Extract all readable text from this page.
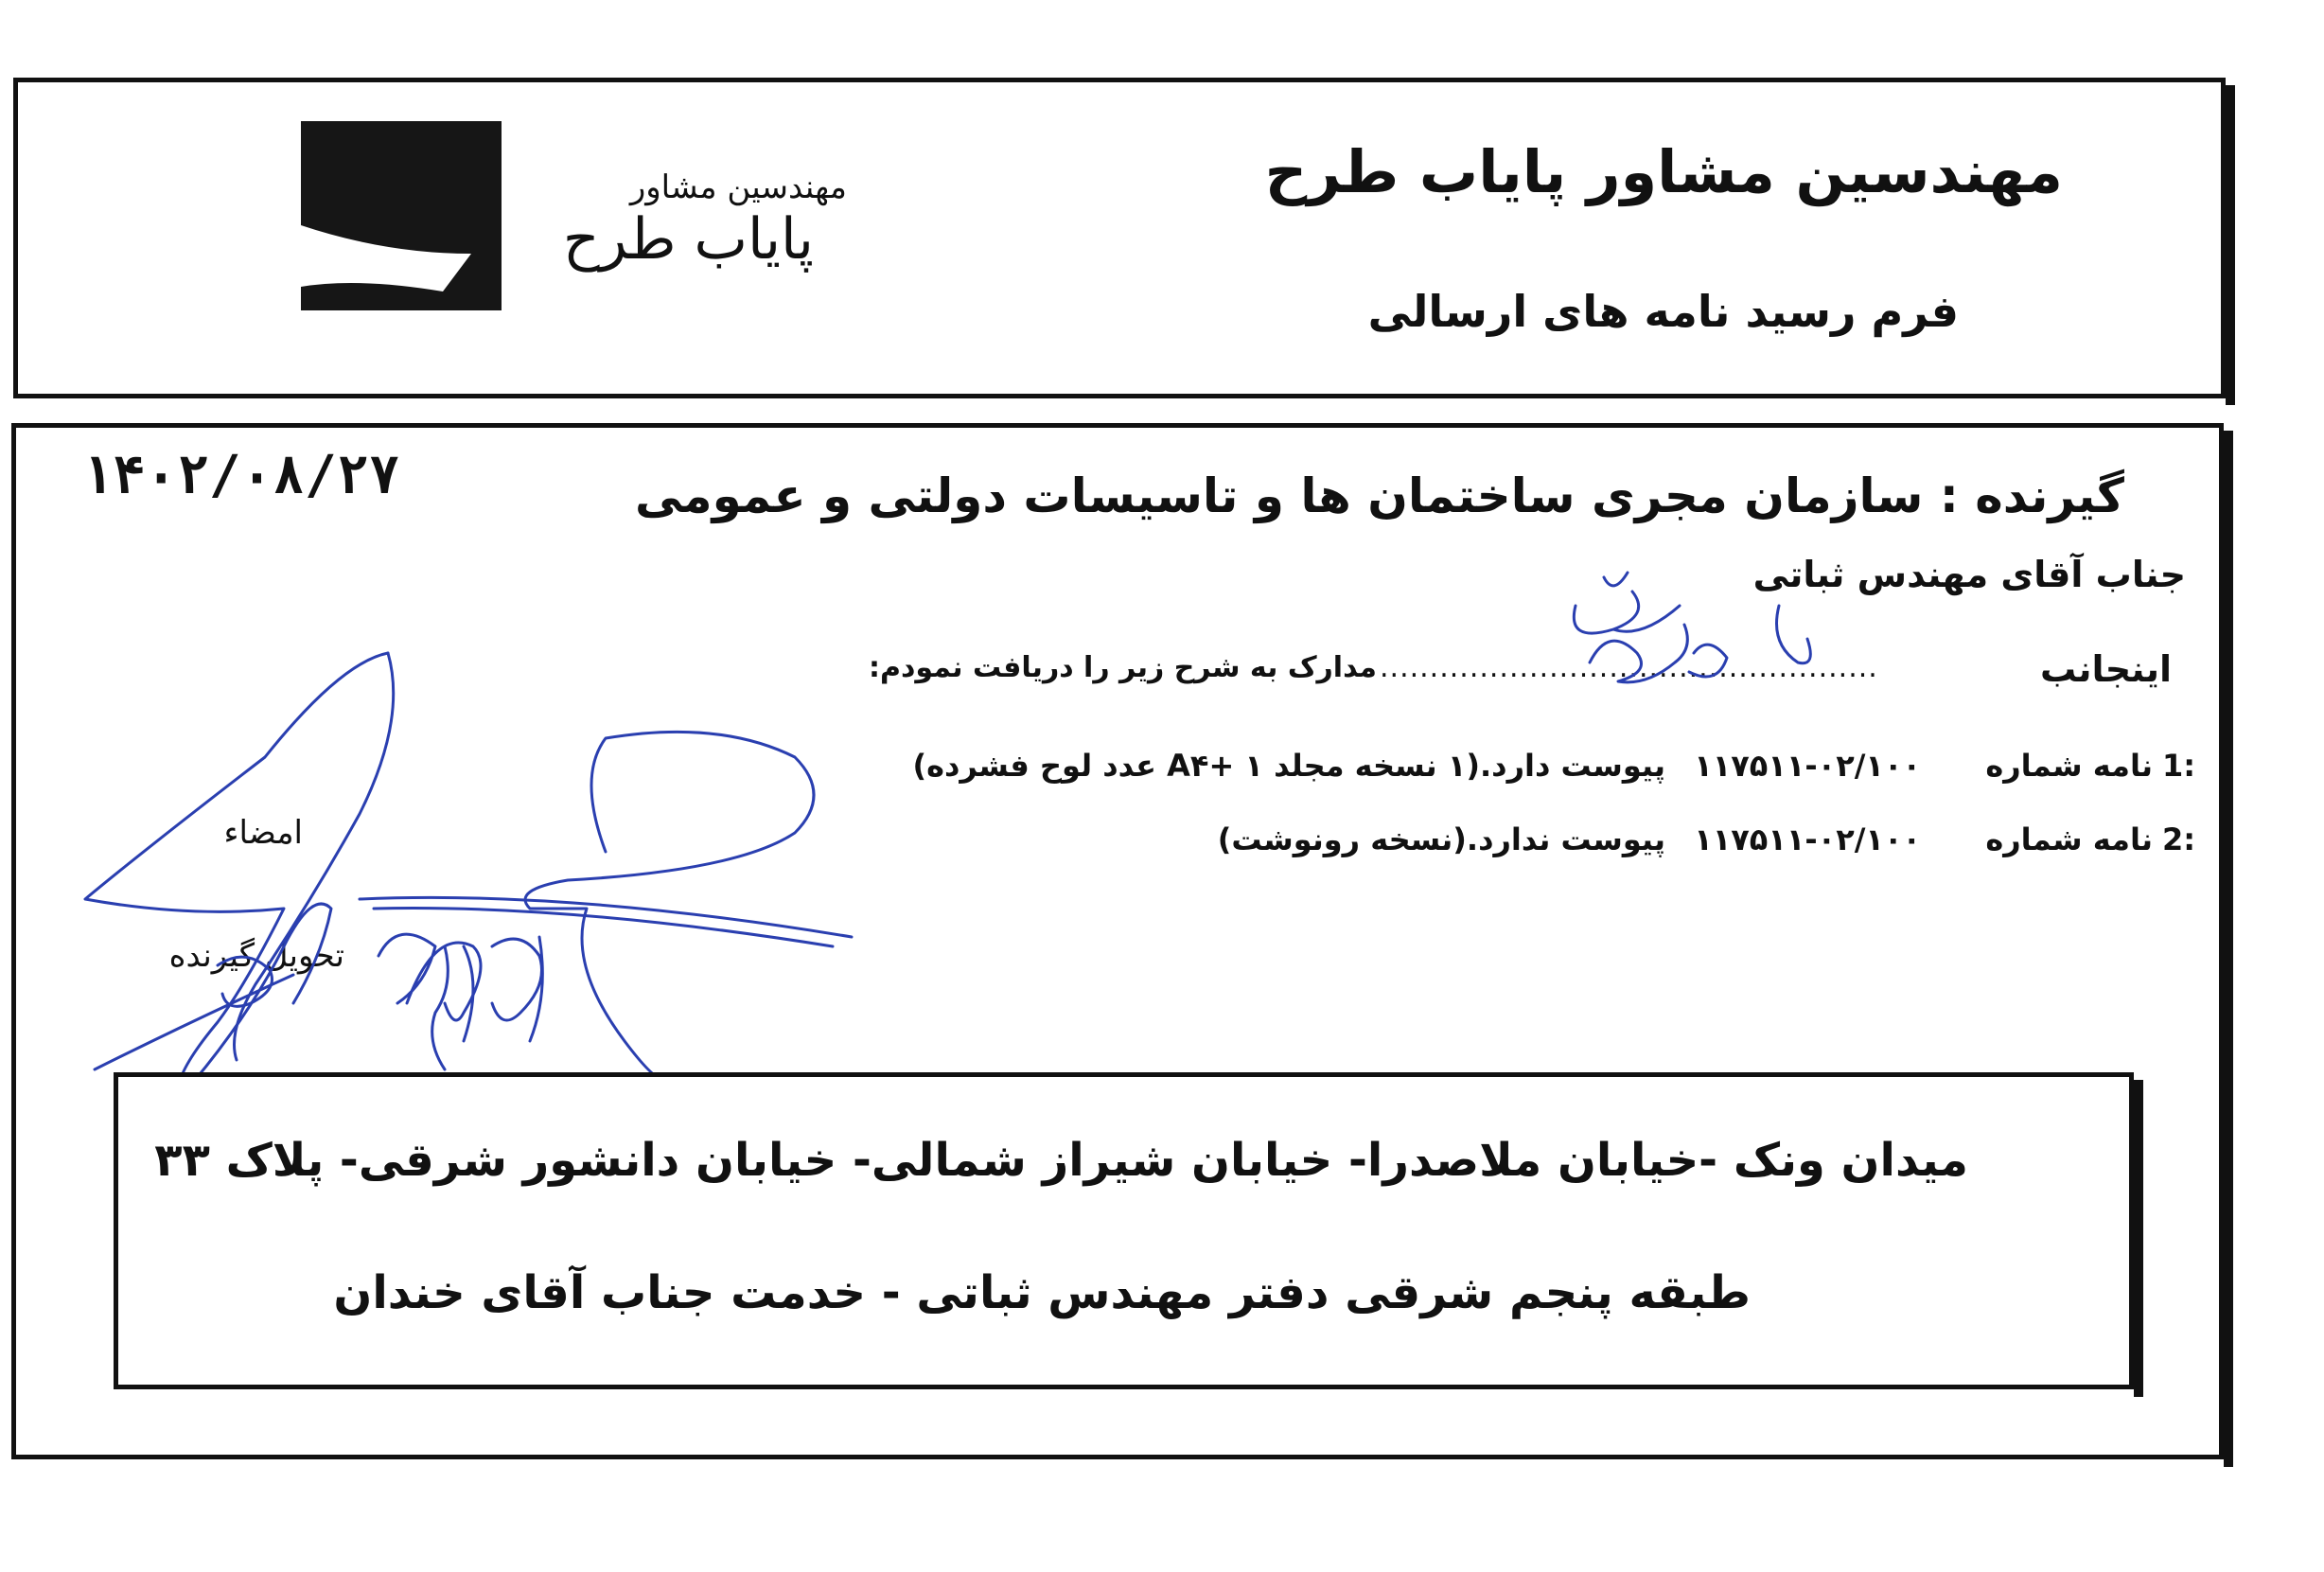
مهندسین مشاور
پایاب طرح
مهندسین مشاور پایاب طرح
فرم رسید نامه های ارسالی
۱۴۰۲/۰۸/۲۷	گیرنده : سازمان مجری ساختمان ها و تاسیسات دولتی و عمومی
جناب آقای مهندس ثباتی
اینجانب
..................................................
مدارک به شرح زیر را دریافت نمودم:
1:
نامه شماره
۱۱۷۵۱۱-۰۲/۱۰۰
پیوست دارد.(۱ نسخه مجلد A۴+ ۱ عدد لوح فشرده)
2:
نامه شماره
۱۱۷۵۱۱-۰۲/۱۰۰
پیوست ندارد.(نسخه رونوشت)
امضاء
تحویل گیرنده
میدان ونک -خیابان ملاصدرا- خیابان شیراز شمالی- خیابان دانشور شرقی- پلاک ۳۳
طبقه پنجم شرقی دفتر مهندس ثباتی - خدمت جناب آقای خندان
